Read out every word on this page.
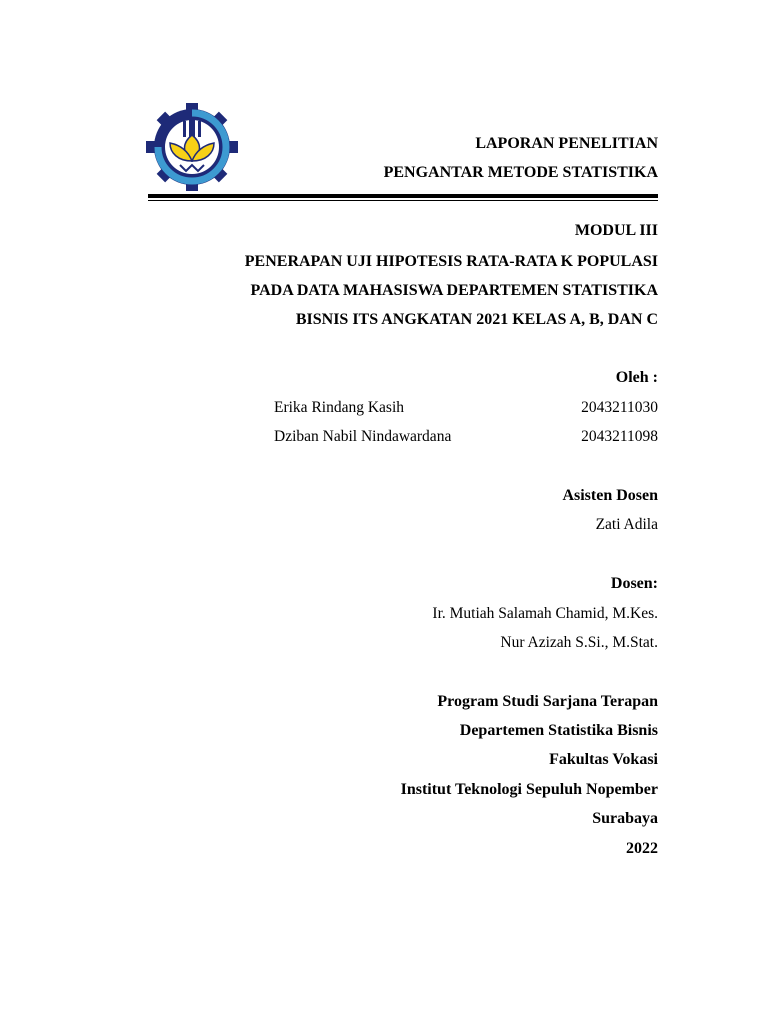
LAPORAN PENELITIAN
PENGANTAR METODE STATISTIKA
MODUL III
PENERAPAN UJI HIPOTESIS RATA-RATA K POPULASI
PADA DATA MAHASISWA DEPARTEMEN STATISTIKA
BISNIS ITS ANGKATAN 2021 KELAS A, B, DAN C
Oleh :
Erika Rindang Kasih	2043211030
Dziban Nabil Nindawardana	2043211098
Asisten Dosen
Zati Adila
Dosen:
Ir. Mutiah Salamah Chamid, M.Kes.
Nur Azizah S.Si., M.Stat.
Program Studi Sarjana Terapan
Departemen Statistika Bisnis
Fakultas Vokasi
Institut Teknologi Sepuluh Nopember
Surabaya
2022
